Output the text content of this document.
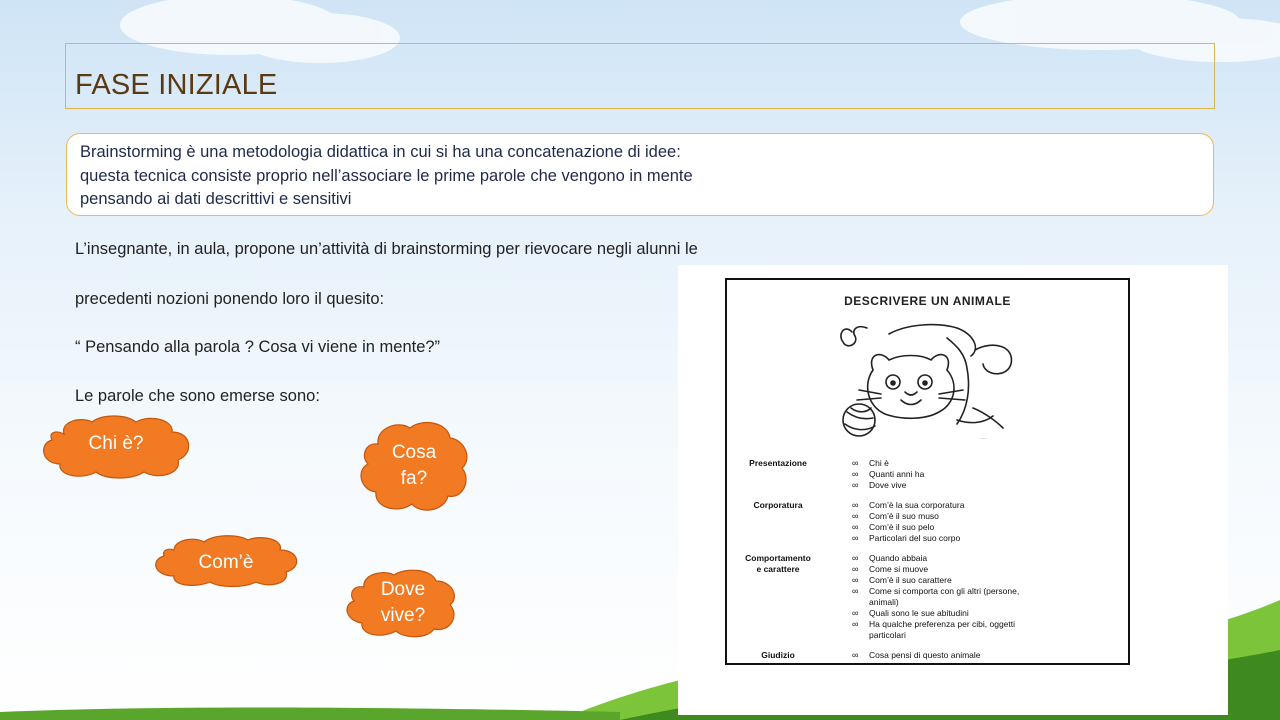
FASE INIZIALE

Brainstorming è una metodologia didattica in cui si ha una concatenazione di idee:
questa tecnica consiste proprio nell’associare le prime parole che vengono in mente
pensando ai dati descrittivi e sensitivi

L’insegnante, in aula, propone un’attività di brainstorming per rievocare negli alunni le

precedenti nozioni ponendo loro il quesito:

“ Pensando alla parola ? Cosa vi viene in mente?”

Le parole che sono emerse sono:

Chi è?	Cosa
fa?
Com’è
Dove
vive?
DESCRIVERE UN ANIMALE
·····
Presentazione	∞ Chi è
∞ Quanti anni ha
∞ Dove vive
Corporatura	∞ Com’è la sua corporatura
∞ Com’è il suo muso
∞ Com’è il suo pelo
∞ Particolari del suo corpo
Comportamento
e carattere
∞ Quando abbaia
∞ Come si muove
∞ Com’è il suo carattere
∞ Come si comporta con gli altri (persone,
animali)
∞ Quali sono le sue abitudini
∞ Ha qualche preferenza per cibi, oggetti
particolari
Giudizio	∞ Cosa pensi di questo animale
